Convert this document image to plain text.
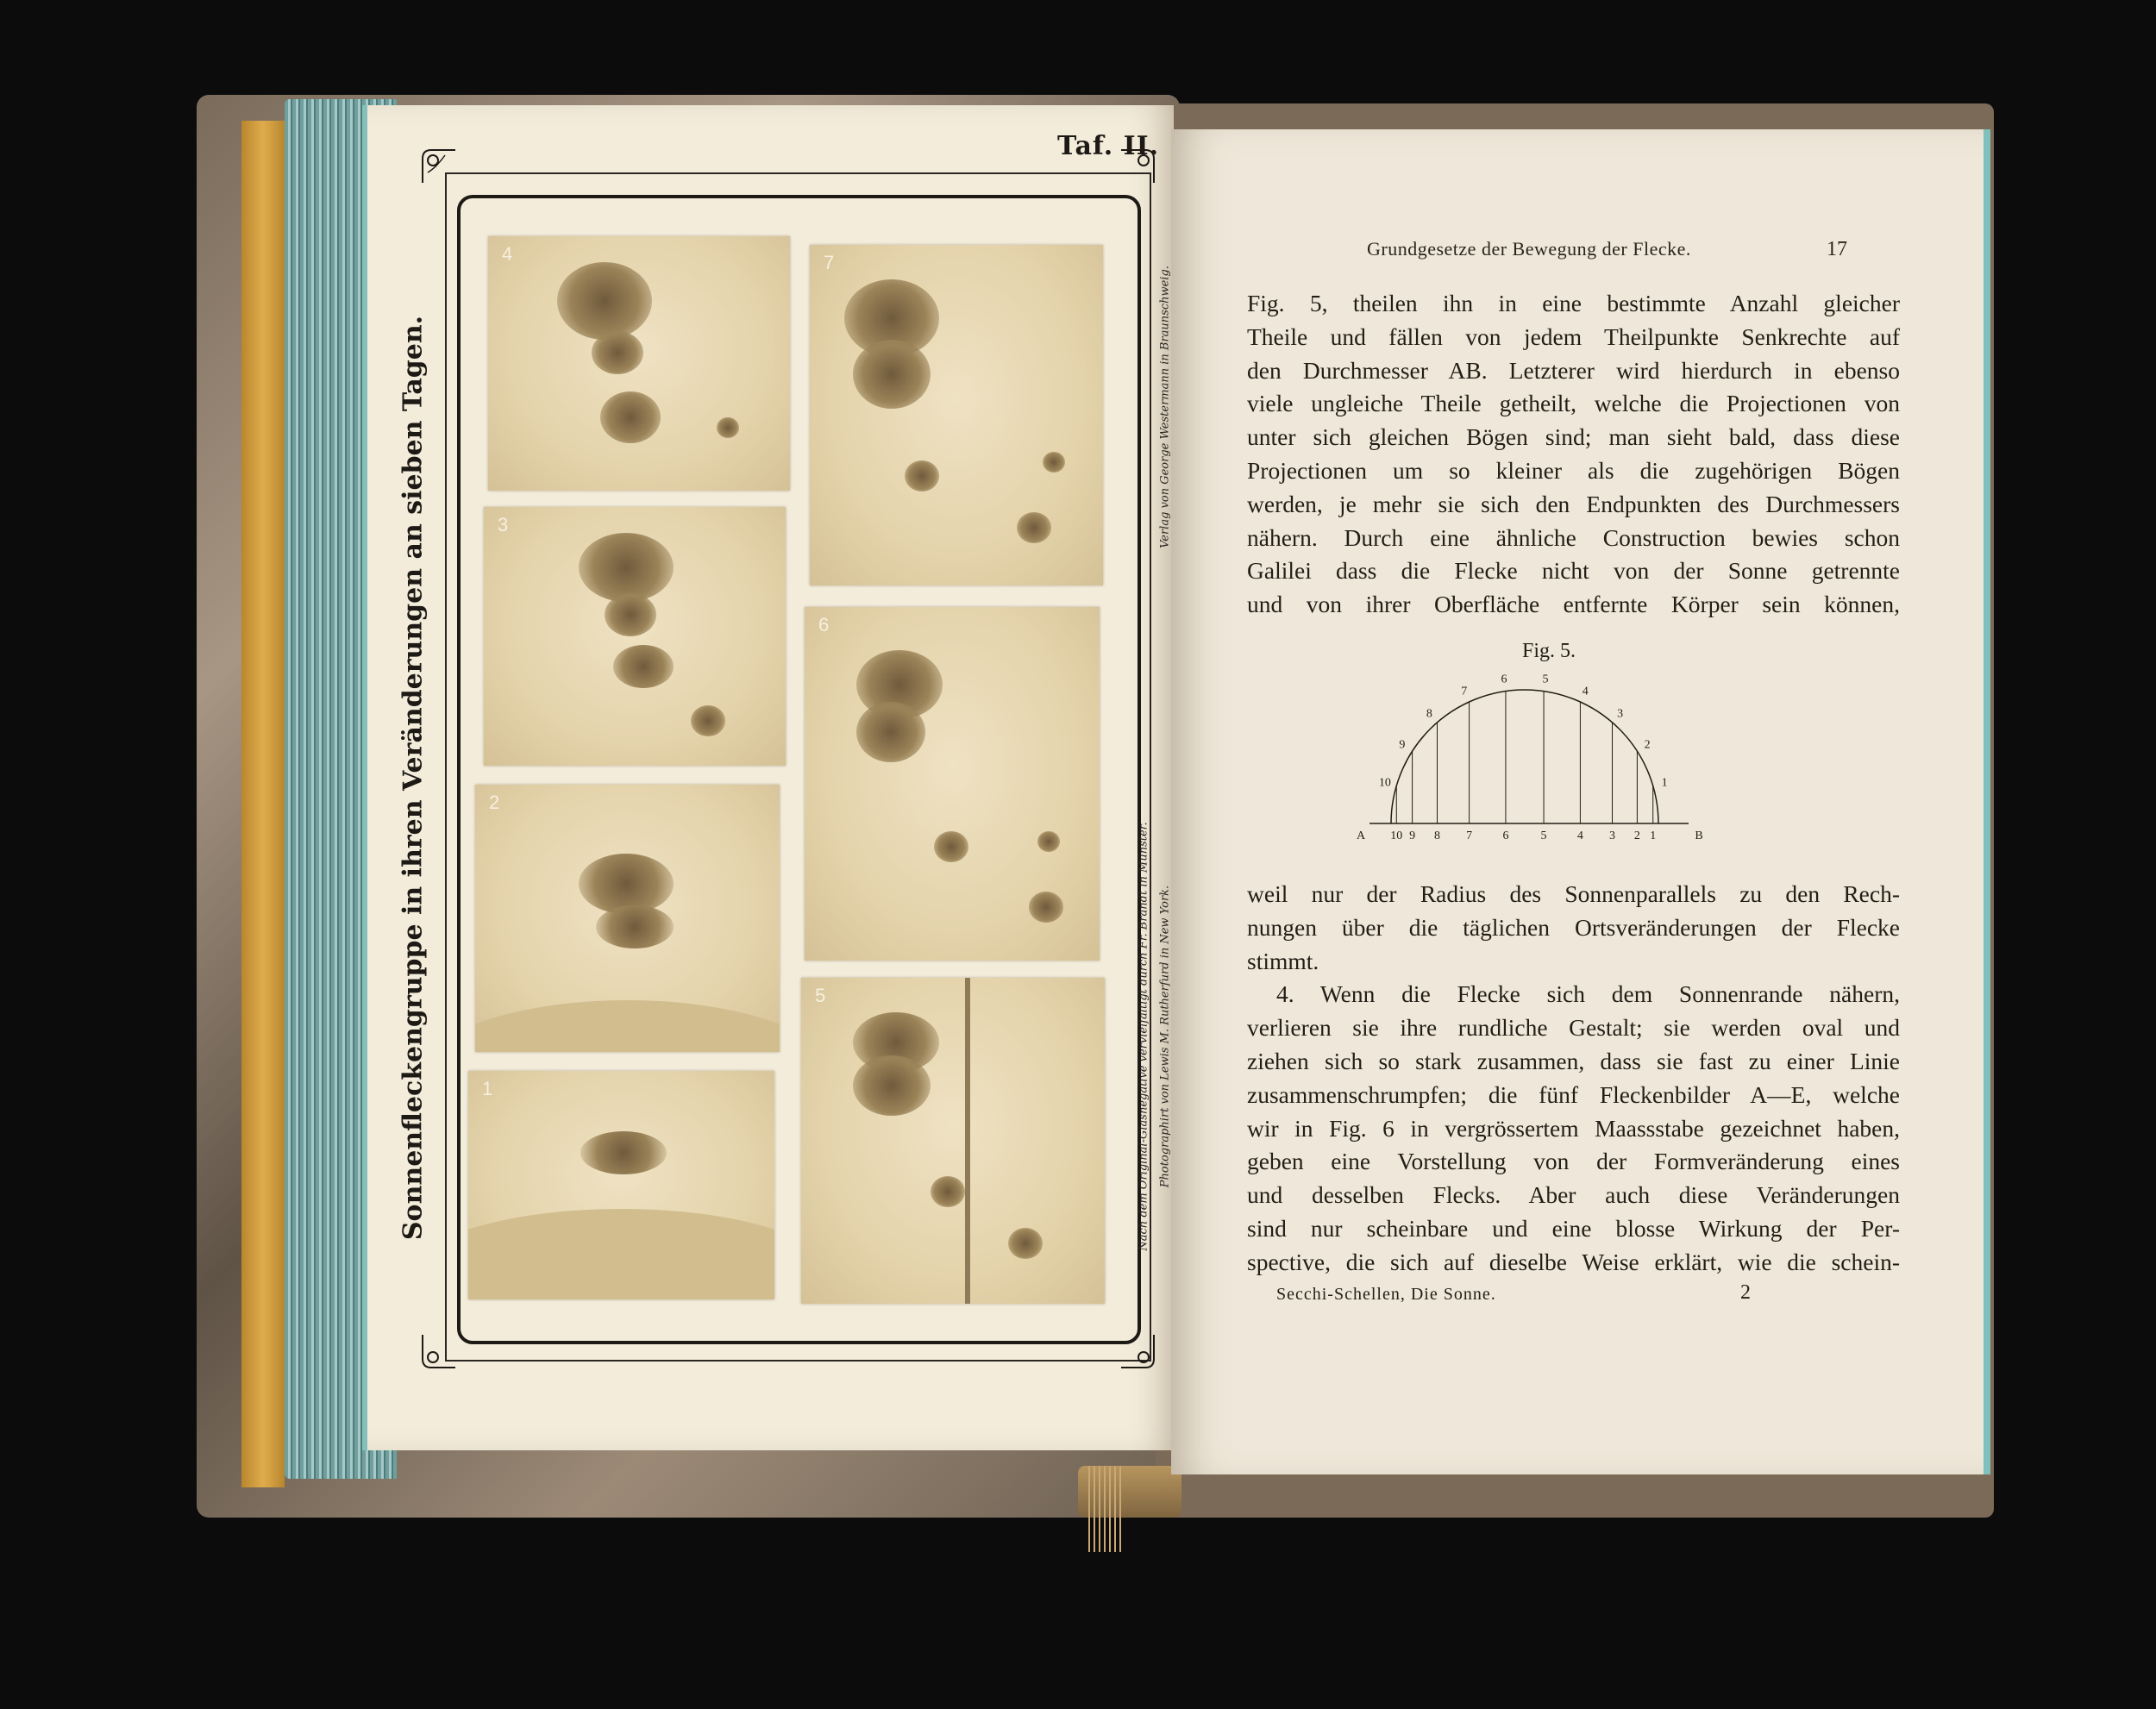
Taf. II.
Sonnenfleckengruppe in ihren Veränderungen an sieben Tagen.
4	7
3
6
2
5
1
Verlag von George Westermann in Braunschweig.
Photographirt von Lewis M. Rutherfurd in New York.
Nach dem Original-Glasnegative vervielfältigt durch Fr. Brandt in Münster.
Grundgesetze der Bewegung der Flecke.	17
Fig. 5, theilen ihn in eine bestimmte Anzahl gleicher
Theile und fällen von jedem Theilpunkte Senkrechte auf
den Durchmesser AB. Letzterer wird hierdurch in ebenso
viele ungleiche Theile getheilt, welche die Projectionen von
unter sich gleichen Bögen sind; man sieht bald, dass diese
Projectionen um so kleiner als die zugehörigen Bögen
werden, je mehr sie sich den Endpunkten des Durchmessers
nähern. Durch eine ähnliche Construction bewies schon
Galilei dass die Flecke nicht von der Sonne getrennte
und von ihrer Oberfläche entfernte Körper sein können,
Fig. 5.
10
10
9
9
8
8
7
7
6
6
5
5
4
4
3
3
2
2
1
1
A	B
weil nur der Radius des Sonnenparallels zu den Rech-
nungen über die täglichen Ortsveränderungen der Flecke
stimmt.
4. Wenn die Flecke sich dem Sonnenrande nähern,
verlieren sie ihre rundliche Gestalt; sie werden oval und
ziehen sich so stark zusammen, dass sie fast zu einer Linie
zusammenschrumpfen; die fünf Fleckenbilder A—E, welche
wir in Fig. 6 in vergrössertem Maassstabe gezeichnet haben,
geben eine Vorstellung von der Formveränderung eines
und desselben Flecks. Aber auch diese Veränderungen
sind nur scheinbare und eine blosse Wirkung der Per-
spective, die sich auf dieselbe Weise erklärt, wie die schein-
Secchi-Schellen, Die Sonne.	2
